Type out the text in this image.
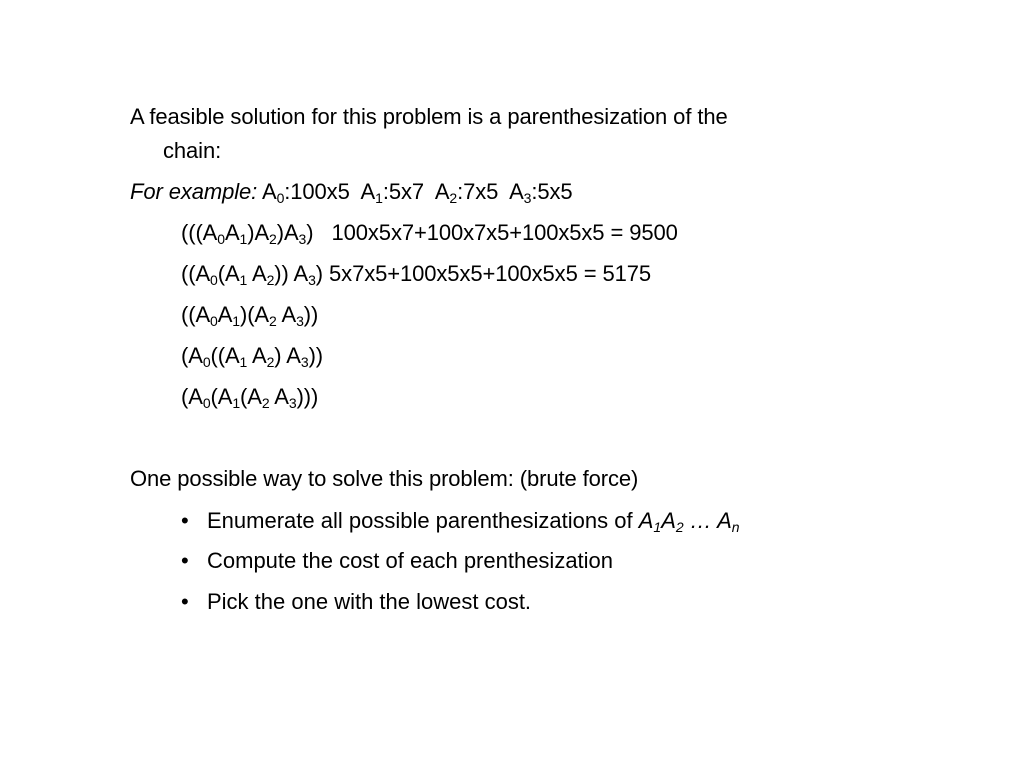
A feasible solution for this problem is a parenthesization of the
chain:
For example: $A_0:100x5$ $A_1:5x7$ $A_2:7x5$ $A_3:5x5$
$(((A_0A_1)A_2)A_3) 100x5x7+100x7x5+100x5x5 = 9500$
(($A_0(A_1$ $A_2$)) $A_3$) 5x7x5+100x5x5+100x5x5 = 5175
($(A_0A_1)(A_2$ $A_3$))
($A_0((A_1$ $A_2$) $A_3$))
($A_0(A_1(A_2$ $A_3$)))
One possible way to solve this problem: (brute force)
• Enumerate all possible parenthesizations of $A_1A_2$ … $A_n$
• Compute the cost of each prenthesization
• Pick the one with the lowest cost.
